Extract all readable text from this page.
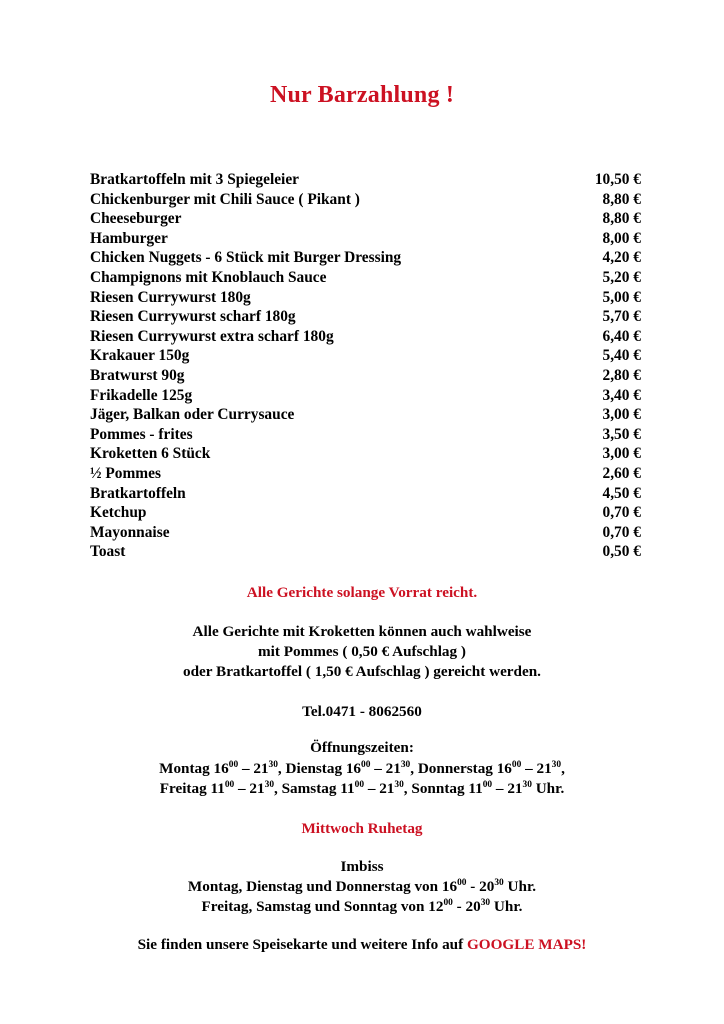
Nur Barzahlung !
Bratkartoffeln mit 3 Spiegeleier	10,50 €
Chickenburger mit Chili Sauce ( Pikant )	8,80 €
Cheeseburger	8,80 €
Hamburger	8,00 €
Chicken Nuggets - 6 Stück mit Burger Dressing	4,20 €
Champignons mit Knoblauch Sauce	5,20 €
Riesen Currywurst 180g	5,00 €
Riesen Currywurst scharf 180g	5,70 €
Riesen Currywurst extra scharf 180g	6,40 €
Krakauer 150g	5,40 €
Bratwurst 90g	2,80 €
Frikadelle 125g	3,40 €
Jäger, Balkan oder Currysauce	3,00 €
Pommes - frites	3,50 €
Kroketten 6 Stück	3,00 €
½ Pommes	2,60 €
Bratkartoffeln	4,50 €
Ketchup	0,70 €
Mayonnaise	0,70 €
Toast	0,50 €
Alle Gerichte solange Vorrat reicht.
Alle Gerichte mit Kroketten können auch wahlweise
mit Pommes ( 0,50 € Aufschlag )
oder Bratkartoffel ( 1,50 € Aufschlag ) gereicht werden.
Tel.0471 - 8062560
Öffnungszeiten:
Montag $16^{00} - 21^{30}$, Dienstag $16^{00} - 21^{30}$, Donnerstag $16^{00} - 21^{30}$,
Freitag $11^{00} - 21^{30}$, Samstag $11^{00} - 21^{30}$, Sonntag $11^{00} - 21^{30}$ Uhr.
Mittwoch Ruhetag
Imbiss
Montag, Dienstag und Donnerstag von $16^{00} - 20^{30}$ Uhr.
Freitag, Samstag und Sonntag von $12^{00} - 20^{30}$ Uhr.
Sie finden unsere Speisekarte und weitere Info auf GOOGLE MAPS!
